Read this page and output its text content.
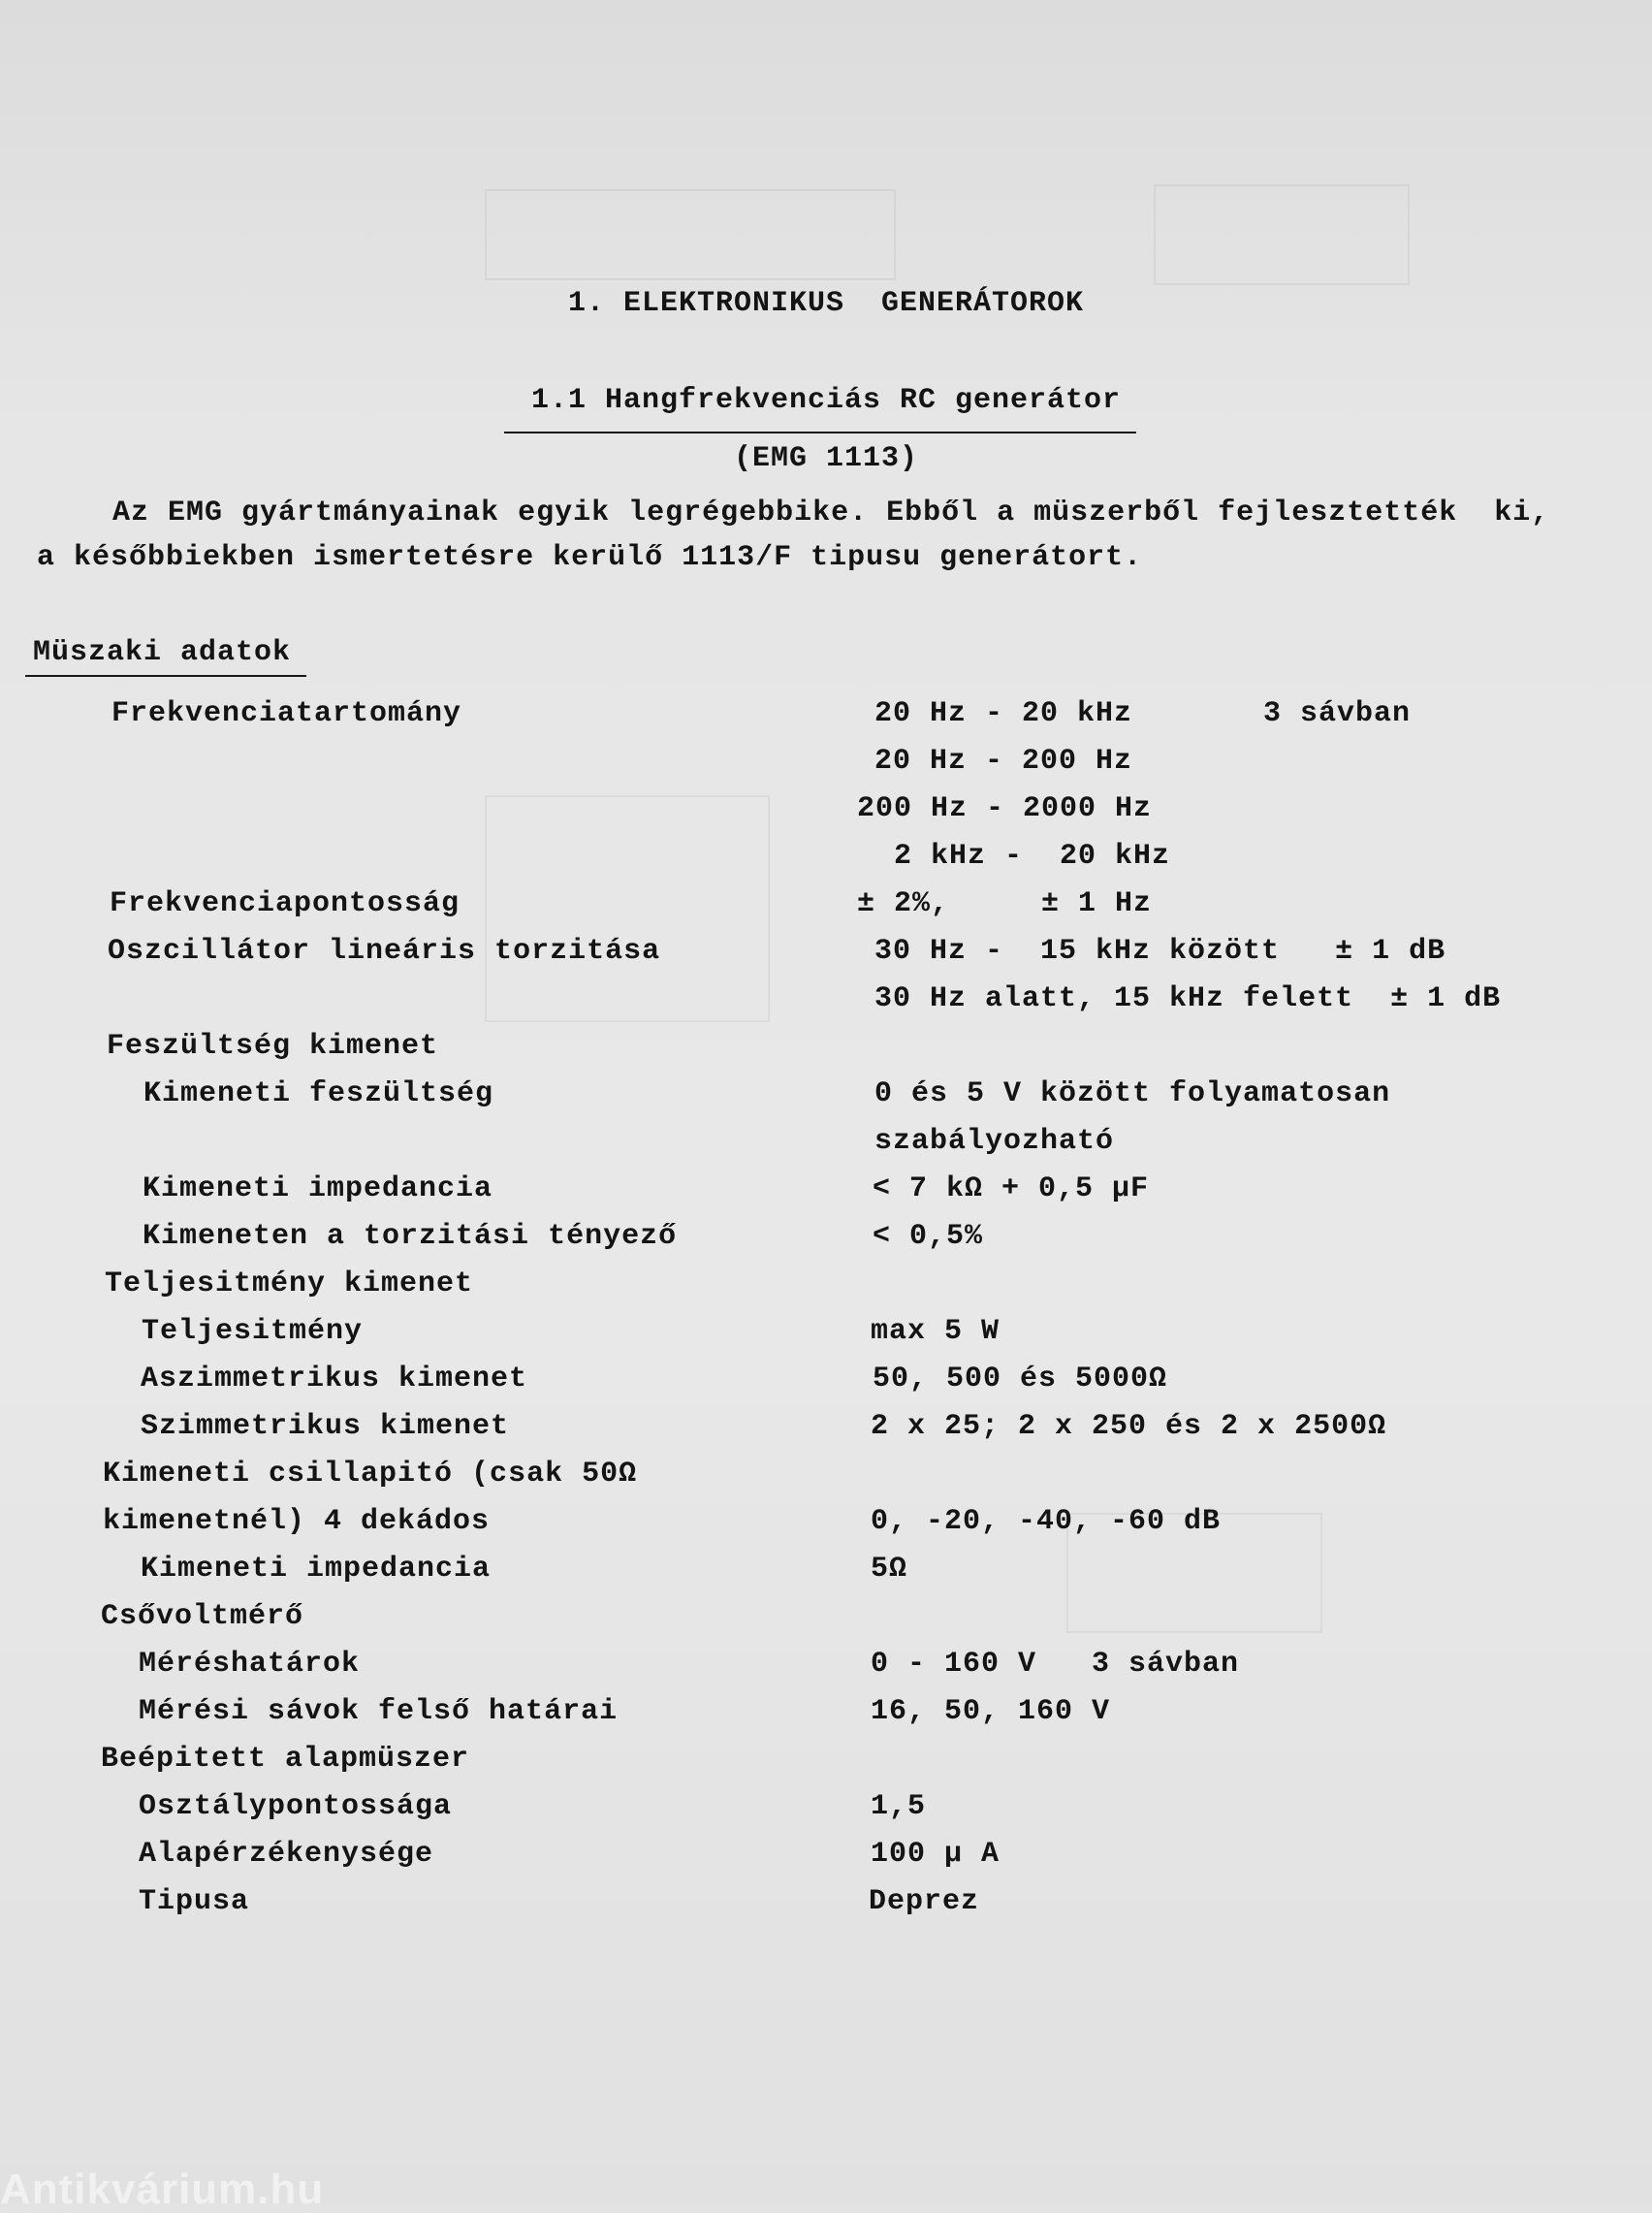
1. ELEKTRONIKUS  GENERÁTOROK
1.1 Hangfrekvenciás RC generátor
(EMG 1113)
Az EMG gyártmányainak egyik legrégebbike. Ebből a müszerből fejlesztették  ki,
a későbbiekben ismertetésre kerülő 1113/F tipusu generátort.
Müszaki adatok
Frekvenciatartomány	20 Hz - 20 kHz	3 sávban
20 Hz - 200 Hz
200 Hz - 2000 Hz
2 kHz -  20 kHz
Frekvenciapontosság	± 2%,     ± 1 Hz
Oszcillátor lineáris torzitása	30 Hz -  15 kHz között   ± 1 dB
30 Hz alatt, 15 kHz felett  ± 1 dB
Feszültség kimenet
Kimeneti feszültség	0 és 5 V között folyamatosan
szabályozható
Kimeneti impedancia	< 7 kΩ + 0,5 μF
Kimeneten a torzitási tényező	< 0,5%
Teljesitmény kimenet
Teljesitmény	max 5 W
Aszimmetrikus kimenet	50, 500 és 5000Ω
Szimmetrikus kimenet	2 x 25; 2 x 250 és 2 x 2500Ω
Kimeneti csillapitó (csak 50Ω
kimenetnél) 4 dekádos	0, -20, -40, -60 dB
Kimeneti impedancia	5Ω
Csővoltmérő
Méréshatárok	0 - 160 V   3 sávban
Mérési sávok felső határai	16, 50, 160 V
Beépitett alapmüszer
Osztálypontossága	1,5
Alapérzékenysége	100 μ A
Tipusa	Deprez
Antikvárium.hu
